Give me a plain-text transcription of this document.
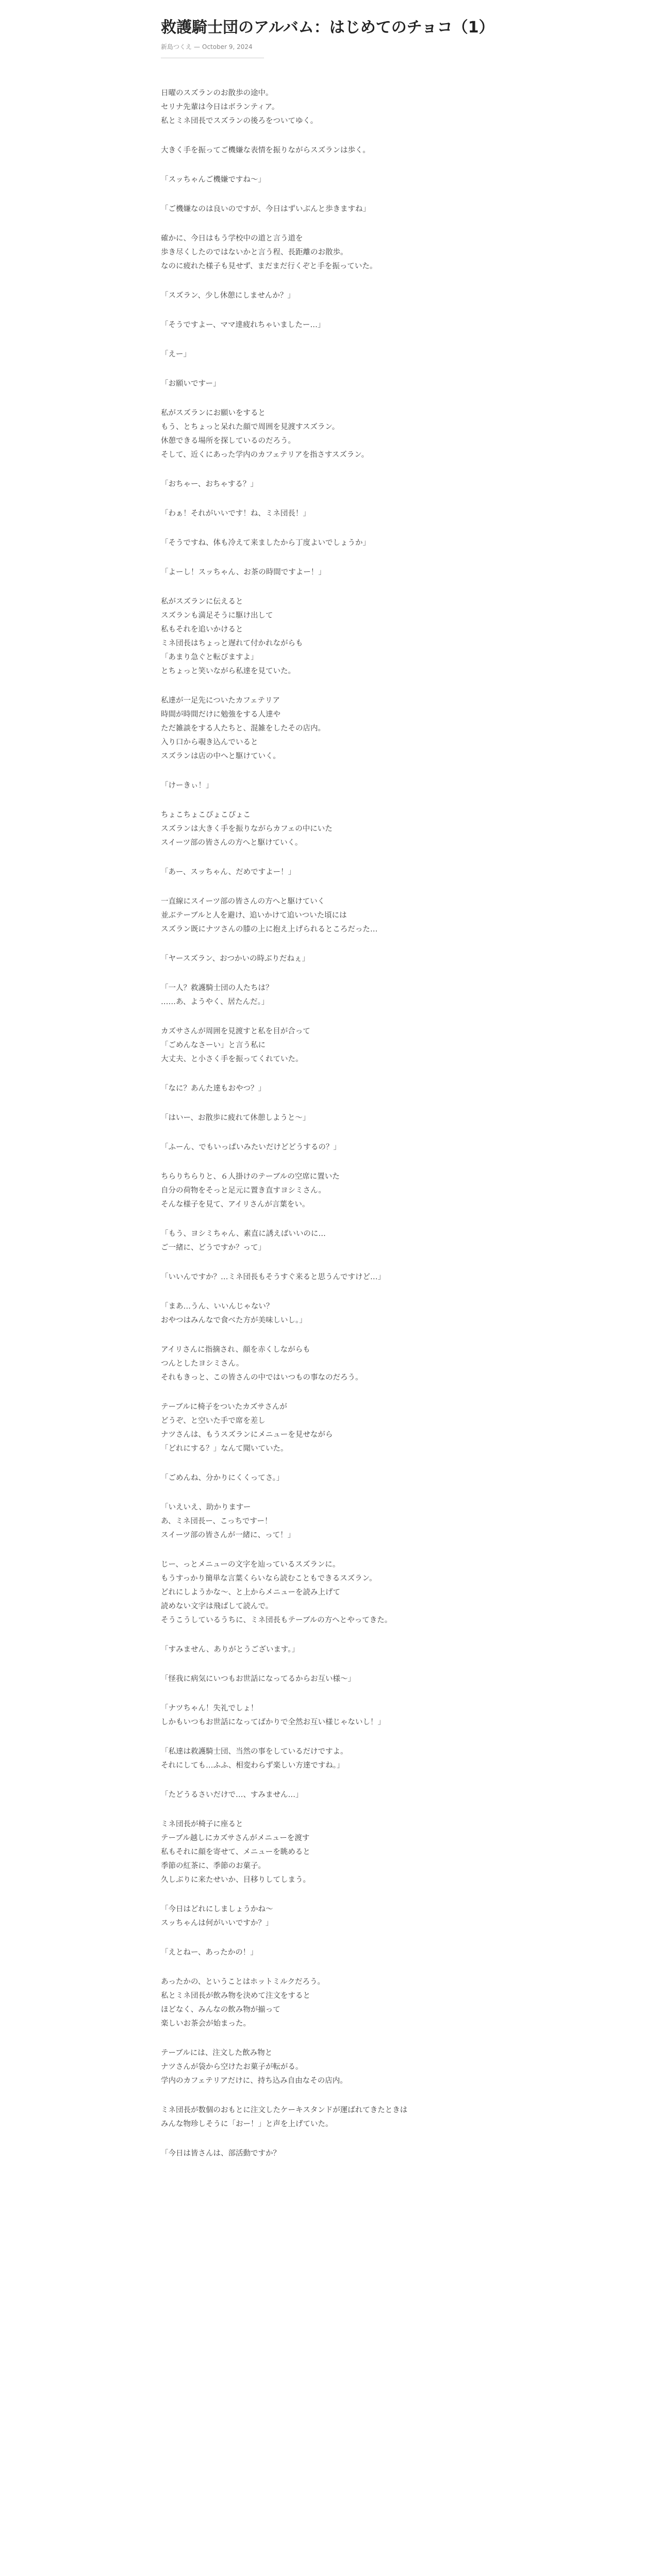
救護騎士団のアルバム：はじめてのチョコ（1）
新島つくえ — October 9, 2024

日曜のスズランのお散歩の途中。
セリナ先輩は今日はボランティア。
私とミネ団長でスズランの後ろをついてゆく。

大きく手を振ってご機嫌な表情を振りながらスズランは歩く。

「スッちゃんご機嫌ですね〜」

「ご機嫌なのは良いのですが、今日はずいぶんと歩きますね」

確かに、今日はもう学校中の道と言う道を
歩き尽くしたのではないかと言う程、長距離のお散歩。
なのに疲れた様子も見せず、まだまだ行くぞと手を振っていた。

「スズラン、少し休憩にしませんか？」

「そうですよー、ママ達疲れちゃいましたー…」

「えー」

「お願いですー」

私がスズランにお願いをすると
もう、とちょっと呆れた顔で周囲を見渡すスズラン。
休憩できる場所を探しているのだろう。
そして、近くにあった学内のカフェテリアを指さすスズラン。

「おちゃー、おちゃする？」

「わぁ！それがいいです！ね、ミネ団長！」

「そうですね、体も冷えて来ましたから丁度よいでしょうか」

「よーし！スッちゃん、お茶の時間ですよー！」

私がスズランに伝えると
スズランも満足そうに駆け出して
私もそれを追いかけると
ミネ団長はちょっと遅れて付かれながらも
「あまり急ぐと転びますよ」
とちょっと笑いながら私達を見ていた。

私達が一足先についたカフェテリア
時間が時間だけに勉強をする人達や
ただ雑談をする人たちと、混雑をしたその店内。
入り口から覗き込んでいると
スズランは店の中へと駆けていく。

「けーきぃ！」

ちょこちょこぴょこぴょこ
スズランは大きく手を振りながらカフェの中にいた
スイーツ部の皆さんの方へと駆けていく。

「あー、スッちゃん、だめですよー！」

一直線にスイーツ部の皆さんの方へと駆けていく
並ぶテーブルと人を避け、追いかけて追いついた頃には
スズラン既にナツさんの膝の上に抱え上げられるところだった…

「ヤースズラン、おつかいの時ぶりだねぇ」

「一人？救護騎士団の人たちは？
……あ、ようやく、居たんだ。」

カズサさんが周囲を見渡すと私を目が合って
「ごめんなさーい」と言う私に
大丈夫、と小さく手を振ってくれていた。

「なに？あんた達もおやつ？」

「はいー、お散歩に疲れて休憩しようと〜」

「ふーん、でもいっぱいみたいだけどどうするの？」

ちらりちらりと、６人掛けのテーブルの空席に置いた
自分の荷物をそっと足元に置き直すヨシミさん。
そんな様子を見て、アイリさんが言葉をい。

「もう、ヨシミちゃん、素直に誘えばいいのに…
ご一緒に、どうですか？って」

「いいんですか？…ミネ団長もそうすぐ来ると思うんですけど…」

「まあ…うん、いいんじゃない？
おやつはみんなで食べた方が美味しいし。」

アイリさんに指摘され、顔を赤くしながらも
つんとしたヨシミさん。
それもきっと、この皆さんの中ではいつもの事なのだろう。

テーブルに椅子をついたカズサさんが
どうぞ、と空いた手で席を差し
ナツさんは、もうスズランにメニューを見せながら
「どれにする？」なんて聞いていた。

「ごめんね、分かりにくくってさ。」

「いえいえ、助かりますー
あ、ミネ団長ー、こっちですー！
スイーツ部の皆さんが一緒に、って！」

じー、っとメニューの文字を辿っているスズランに。
もうすっかり簡単な言葉くらいなら読むこともできるスズラン。
どれにしようかな〜、と上からメニューを読み上げて
読めない文字は飛ばして読んで。
そうこうしているうちに、ミネ団長もテーブルの方へとやってきた。

「すみません、ありがとうございます。」

「怪我に病気にいつもお世話になってるからお互い様〜」

「ナツちゃん！失礼でしょ！
しかもいつもお世話になってばかりで全然お互い様じゃないし！」

「私達は救護騎士団、当然の事をしているだけですよ。
それにしても…ふふ、相変わらず楽しい方達ですね。」

「たどうるさいだけで…、すみません…」

ミネ団長が椅子に座ると
テーブル越しにカズサさんがメニューを渡す
私もそれに顔を寄せて、メニューを眺めると
季節の紅茶に、季節のお菓子。
久しぶりに来たせいか、目移りしてしまう。

「今日はどれにしましょうかね〜
スッちゃんは何がいいですか？」

「えとねー、あったかの！」

あったかの、ということはホットミルクだろう。
私とミネ団長が飲み物を決めて注文をすると
ほどなく、みんなの飲み物が揃って
楽しいお茶会が始まった。

テーブルには、注文した飲み物と
ナツさんが袋から空けたお菓子が転がる。
学内のカフェテリアだけに、持ち込み自由なその店内。

ミネ団長が数個のおもとに注文したケーキスタンドが運ばれてきたときは
みんな物珍しそうに「おー！」と声を上げていた。

「今日は皆さんは、部活動ですか？
